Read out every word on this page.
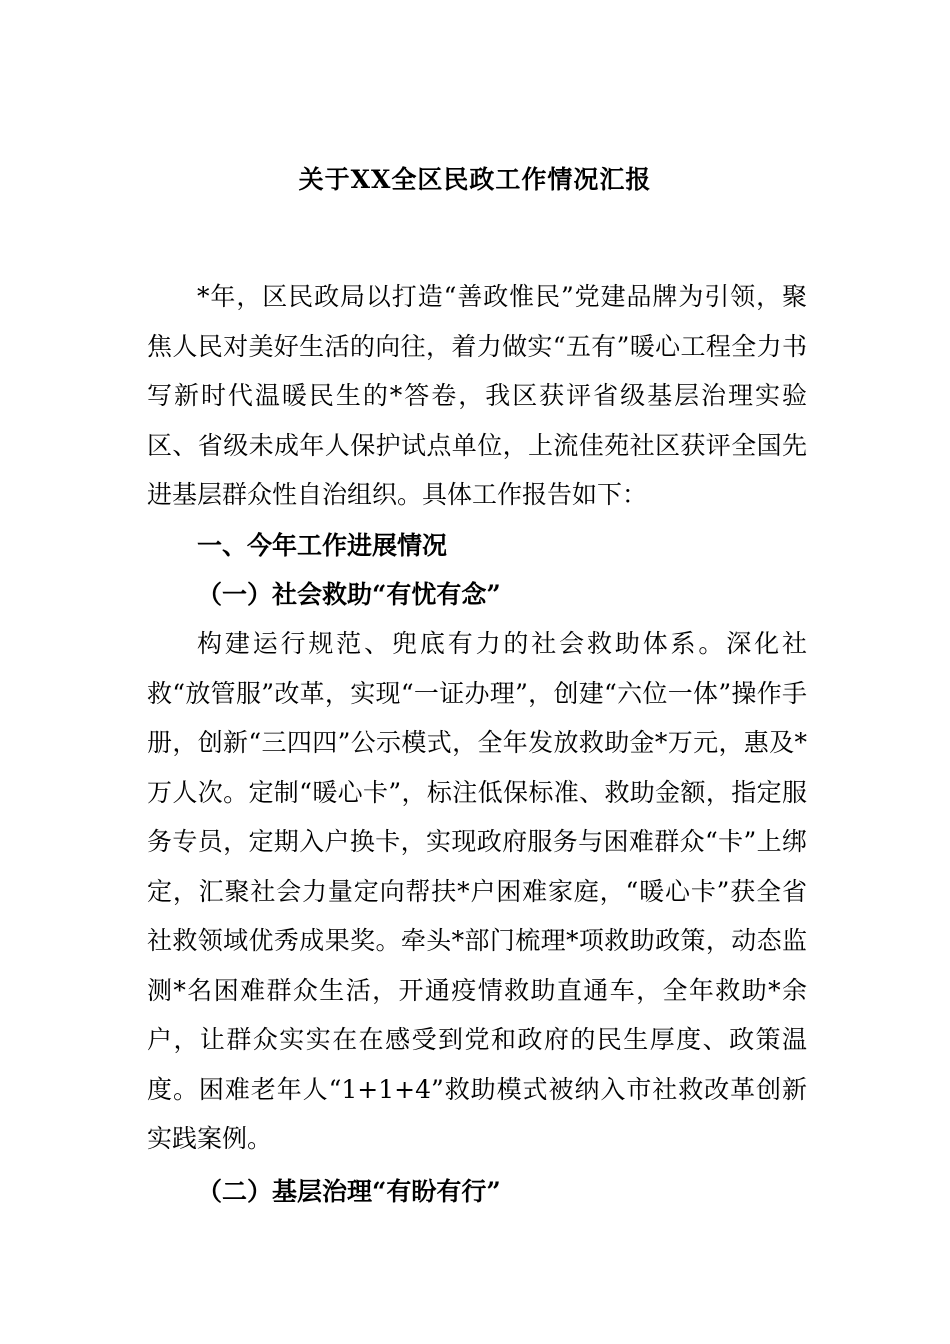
关于XX全区民政工作情况汇报

*年，区民政局以打造“善政惟民”党建品牌为引领，聚焦人民对美好生活的向往，着力做实“五有”暖心工程全力书写新时代温暖民生的*答卷，我区获评省级基层治理实验区、省级未成年人保护试点单位，上流佳苑社区获评全国先进基层群众性自治组织。具体工作报告如下：

一、今年工作进展情况

（一）社会救助“有忧有念”

构建运行规范、兜底有力的社会救助体系。深化社救“放管服”改革，实现“一证办理”，创建“六位一体”操作手册，创新“三四四”公示模式，全年发放救助金*万元，惠及*万人次。定制“暖心卡”，标注低保标准、救助金额，指定服务专员，定期入户换卡，实现政府服务与困难群众“卡”上绑定，汇聚社会力量定向帮扶*户困难家庭，“暖心卡”获全省社救领域优秀成果奖。牵头*部门梳理*项救助政策，动态监测*名困难群众生活，开通疫情救助直通车，全年救助*余户，让群众实实在在感受到党和政府的民生厚度、政策温度。困难老年人“1+1+4”救助模式被纳入市社救改革创新实践案例。

（二）基层治理“有盼有行”
